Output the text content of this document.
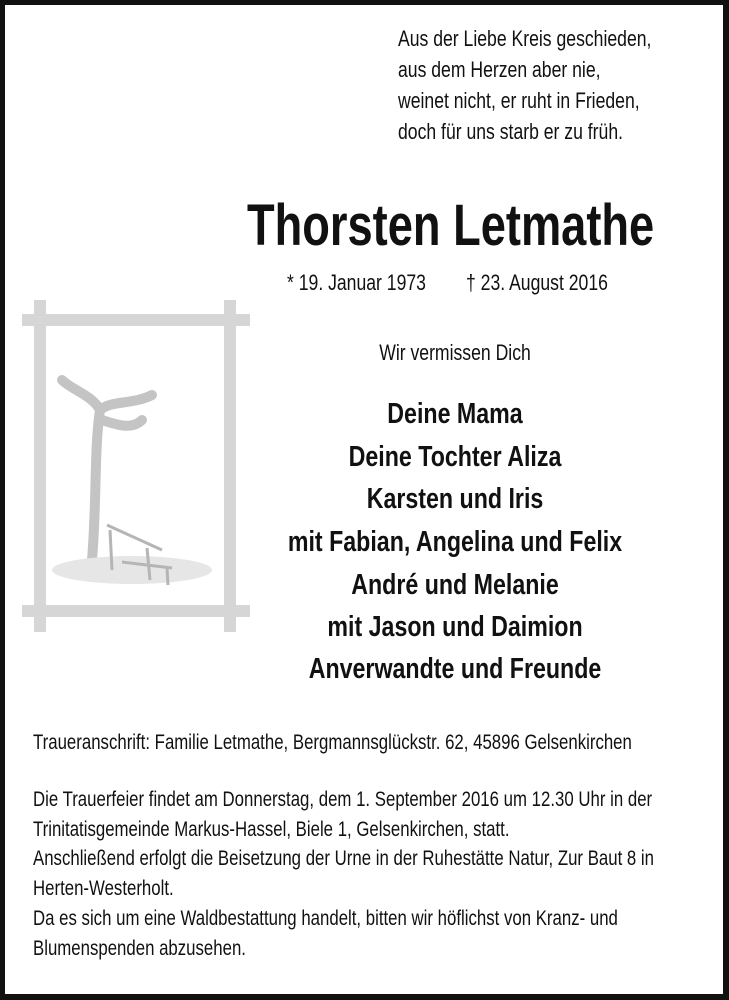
Aus der Liebe Kreis geschieden,
aus dem Herzen aber nie,
weinet nicht, er ruht in Frieden,
doch für uns starb er zu früh.
Thorsten Letmathe
* 19. Januar 1973 † 23. August 2016
Wir vermissen Dich
Deine Mama
Deine Tochter Aliza
Karsten und Iris
mit Fabian, Angelina und Felix
André und Melanie
mit Jason und Daimion
Anverwandte und Freunde
Traueranschrift: Familie Letmathe, Bergmannsglückstr. 62, 45896 Gelsenkirchen
Die Trauerfeier findet am Donnerstag, dem 1. September 2016 um 12.30 Uhr in der
Trinitatisgemeinde Markus-Hassel, Biele 1, Gelsenkirchen, statt.
Anschließend erfolgt die Beisetzung der Urne in der Ruhestätte Natur, Zur Baut 8 in
Herten-Westerholt.
Da es sich um eine Waldbestattung handelt, bitten wir höflichst von Kranz- und
Blumenspenden abzusehen.
